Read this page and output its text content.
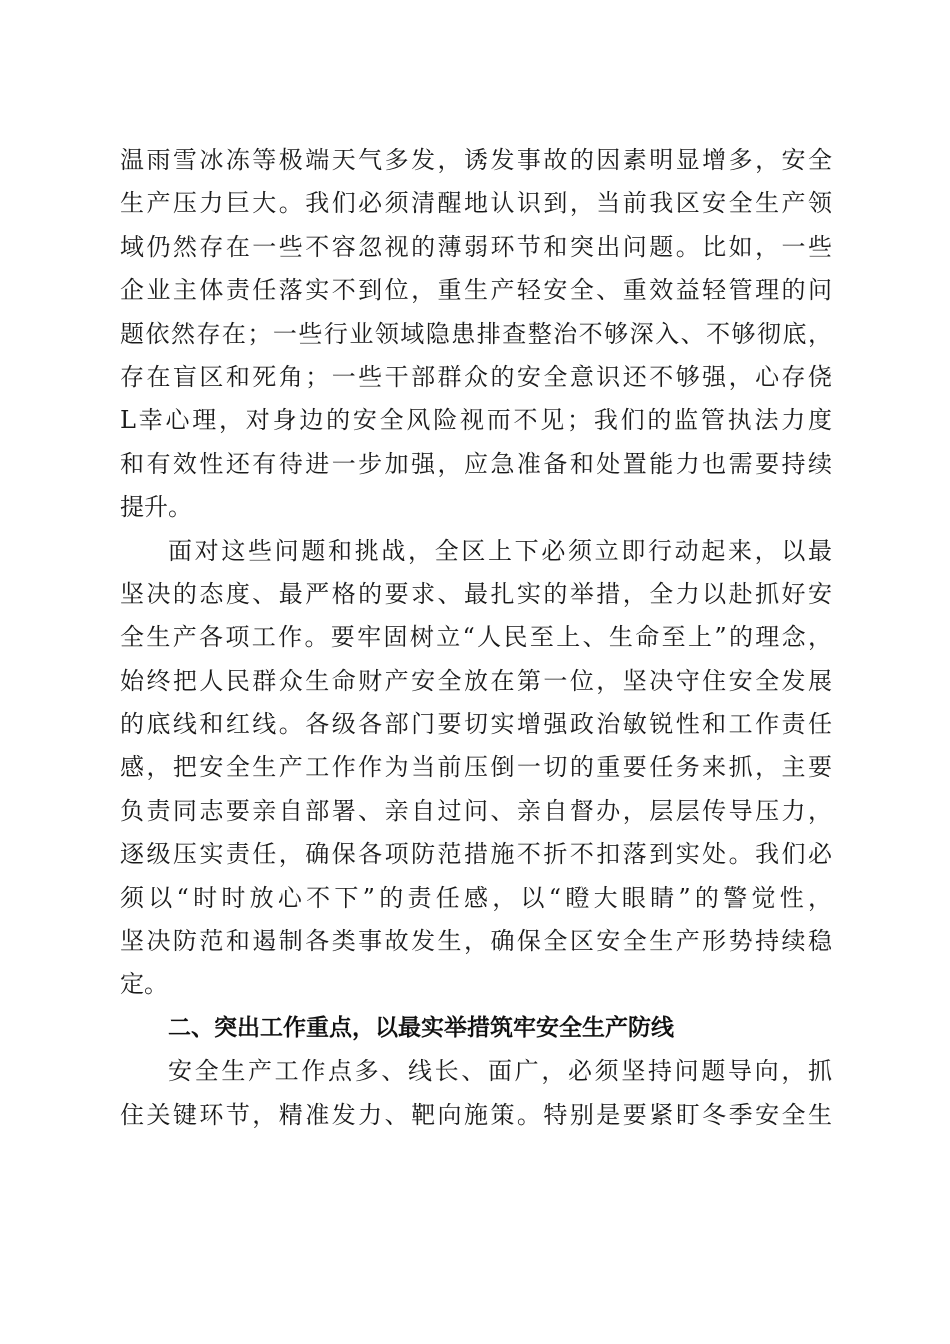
温雨雪冰冻等极端天气多发，诱发事故的因素明显增多，安全
生产压力巨大。我们必须清醒地认识到，当前我区安全生产领
域仍然存在一些不容忽视的薄弱环节和突出问题。比如，一些
企业主体责任落实不到位，重生产轻安全、重效益轻管理的问
题依然存在；一些行业领域隐患排查整治不够深入、不够彻底，
存在盲区和死角；一些干部群众的安全意识还不够强，心存侥
L幸心理，对身边的安全风险视而不见；我们的监管执法力度
和有效性还有待进一步加强，应急准备和处置能力也需要持续
提升。
面对这些问题和挑战，全区上下必须立即行动起来，以最
坚决的态度、最严格的要求、最扎实的举措，全力以赴抓好安
全生产各项工作。要牢固树立“人民至上、生命至上”的理念，
始终把人民群众生命财产安全放在第一位，坚决守住安全发展
的底线和红线。各级各部门要切实增强政治敏锐性和工作责任
感，把安全生产工作作为当前压倒一切的重要任务来抓，主要
负责同志要亲自部署、亲自过问、亲自督办，层层传导压力，
逐级压实责任，确保各项防范措施不折不扣落到实处。我们必
须以“时时放心不下”的责任感，以“瞪大眼睛”的警觉性，
坚决防范和遏制各类事故发生，确保全区安全生产形势持续稳
定。
二、突出工作重点，以最实举措筑牢安全生产防线
安全生产工作点多、线长、面广，必须坚持问题导向，抓
住关键环节，精准发力、靶向施策。特别是要紧盯冬季安全生
